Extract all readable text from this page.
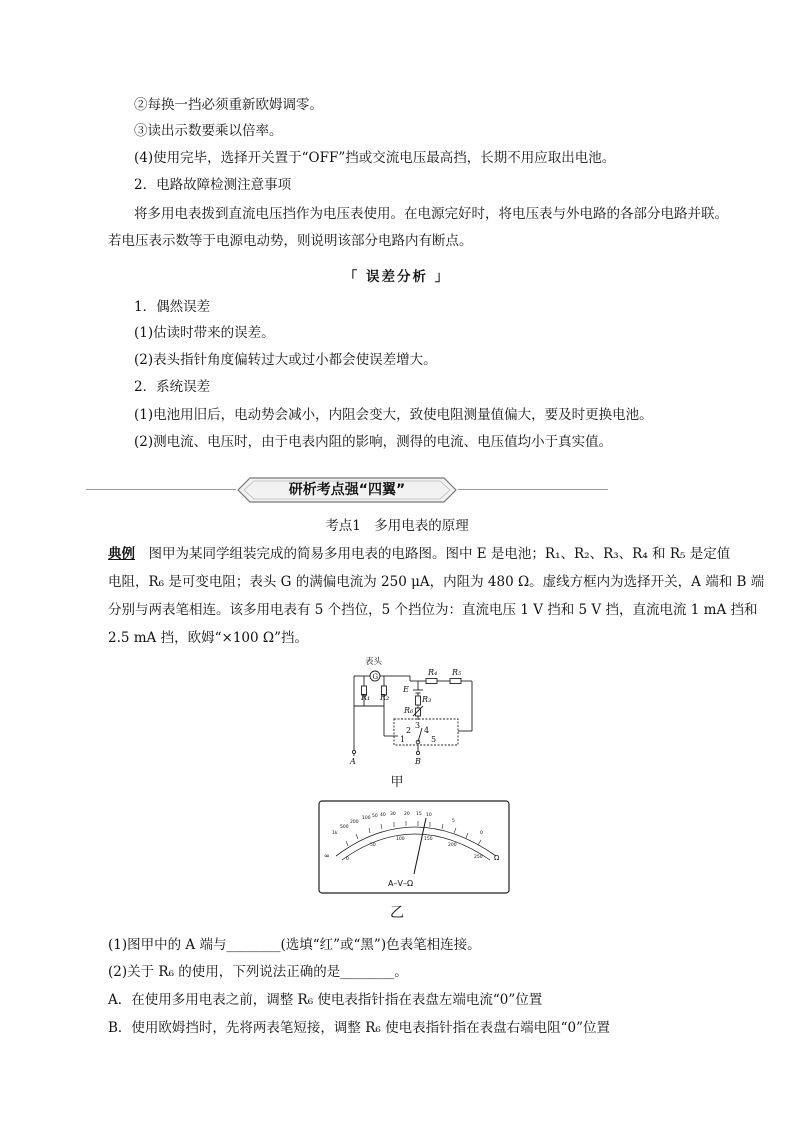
②每换一挡必须重新欧姆调零。
③读出示数要乘以倍率。
(4)使用完毕，选择开关置于“OFF”挡或交流电压最高挡，长期不用应取出电池。
2．电路故障检测注意事项
将多用电表拨到直流电压挡作为电压表使用。在电源完好时，将电压表与外电路的各部分电路并联。
若电压表示数等于电源电动势，则说明该部分电路内有断点。
「 误差分析 」
1．偶然误差
(1)估读时带来的误差。
(2)表头指针角度偏转过大或过小都会使误差增大。
2．系统误差
(1)电池用旧后，电动势会减小，内阻会变大，致使电阻测量值偏大，要及时更换电池。
(2)测电流、电压时，由于电表内阻的影响，测得的电流、电压值均小于真实值。
研析考点强“四翼”
考点1　多用电表的原理
典例　图甲为某同学组装完成的简易多用电表的电路图。图中 E 是电池；R₁、R₂、R₃、R₄ 和 R₅ 是定值
电阻，R₆ 是可变电阻；表头 G 的满偏电流为 250 μA，内阻为 480 Ω。虚线方框内为选择开关，A 端和 B 端
分别与两表笔相连。该多用电表有 5 个挡位，5 个挡位为：直流电压 1 V 挡和 5 V 挡，直流电流 1 mA 挡和
2.5 mA 挡，欧姆“×100 Ω”挡。
表头
G
A
R₁ R₂
R₄ R₅
E
R₃
R₆
2
3
4
1	5
B
甲
1k
500
200
100 50 40 30 20 15 10
5
0
0
50
100	150
200
250
∞	Ω
A–V–Ω
乙
(1)图甲中的 A 端与________(选填“红”或“黑”)色表笔相连接。
(2)关于 R₆ 的使用，下列说法正确的是________。
A．在使用多用电表之前，调整 R₆ 使电表指针指在表盘左端电流“0”位置
B．使用欧姆挡时，先将两表笔短接，调整 R₆ 使电表指针指在表盘右端电阻“0”位置
